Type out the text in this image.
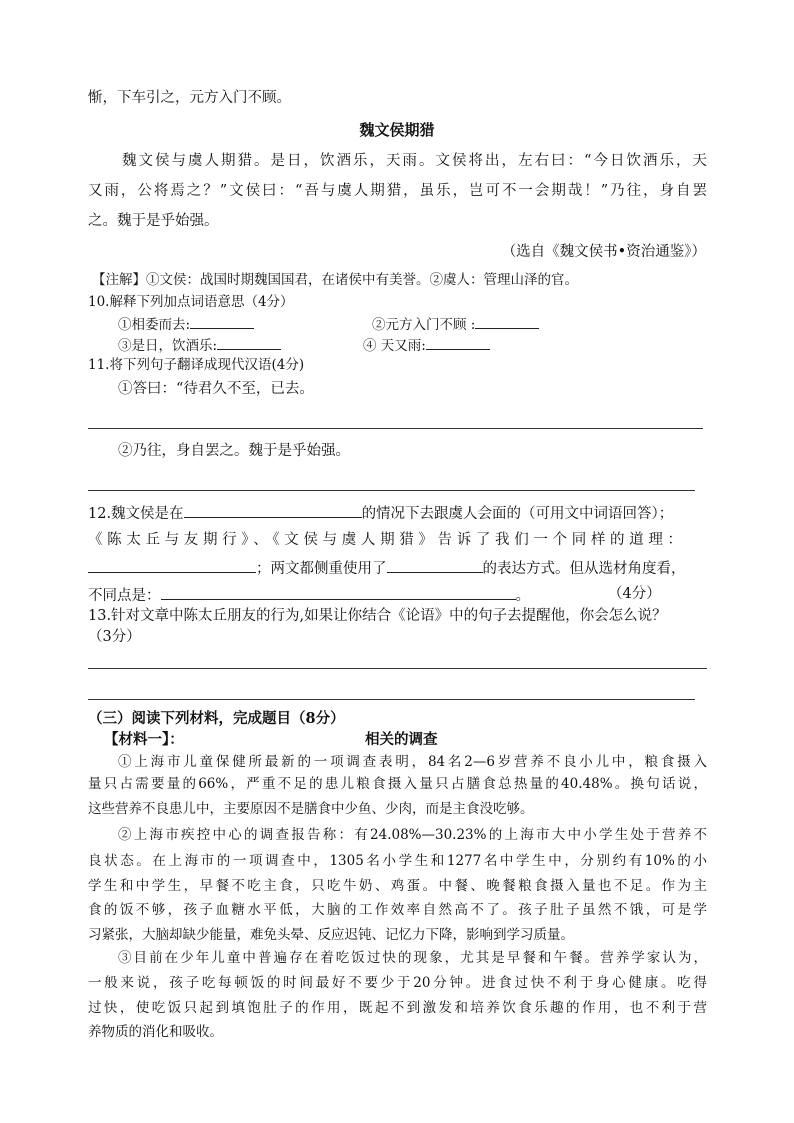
惭，下车引之，元方入门不顾。
魏文侯期猎
魏文侯与虞人期猎。是日，饮酒乐，天雨。文侯将出，左右曰：“今日饮酒乐，天
又雨，公将焉之？”文侯曰：“吾与虞人期猎，虽乐，岂可不一会期哉！”乃往，身自罢
之。魏于是乎始强。
（选自《魏文侯书•资治通鉴》）
【注解】①文侯：战国时期魏国国君，在诸侯中有美誉。②虞人：管理山泽的官。
10.解释下列加点词语意思（4分）
①相委而去:	②元方入门不顾 :
③是日，饮酒乐:	④ 天又雨:
11.将下列句子翻译成现代汉语(4分)
①答曰：“待君久不至，已去。
②乃往，身自罢之。魏于是乎始强。
12.魏文侯是在	的情况下去跟虞人会面的（可用文中词语回答）；
《陈太丘与友期行》、《文侯与虞人期猎》告诉了我们一个同样的道理：
；两文都侧重使用了	的表达方式。但从选材角度看，
不同点是：	。	（4分）
13.针对文章中陈太丘朋友的行为,如果让你结合《论语》中的句子去提醒他，你会怎么说？
（3分）
（三）阅读下列材料，完成题目（8分）
【材料一】：	相关的调查
①上海市儿童保健所最新的一项调查表明，84名2—6岁营养不良小儿中，粮食摄入
量只占需要量的66%，严重不足的患儿粮食摄入量只占膳食总热量的40.48%。换句话说，
这些营养不良患儿中，主要原因不是膳食中少鱼、少肉，而是主食没吃够。
②上海市疾控中心的调查报告称：有24.08%—30.23%的上海市大中小学生处于营养不
良状态。在上海市的一项调查中，1305名小学生和1277名中学生中，分别约有10%的小
学生和中学生，早餐不吃主食，只吃牛奶、鸡蛋。中餐、晚餐粮食摄入量也不足。作为主
食的饭不够，孩子血糖水平低，大脑的工作效率自然高不了。孩子肚子虽然不饿，可是学
习紧张，大脑却缺少能量，难免头晕、反应迟钝、记忆力下降，影响到学习质量。
③目前在少年儿童中普遍存在着吃饭过快的现象，尤其是早餐和午餐。营养学家认为，
一般来说，孩子吃每顿饭的时间最好不要少于20分钟。进食过快不利于身心健康。吃得
过快，使吃饭只起到填饱肚子的作用，既起不到激发和培养饮食乐趣的作用，也不利于营
养物质的消化和吸收。
